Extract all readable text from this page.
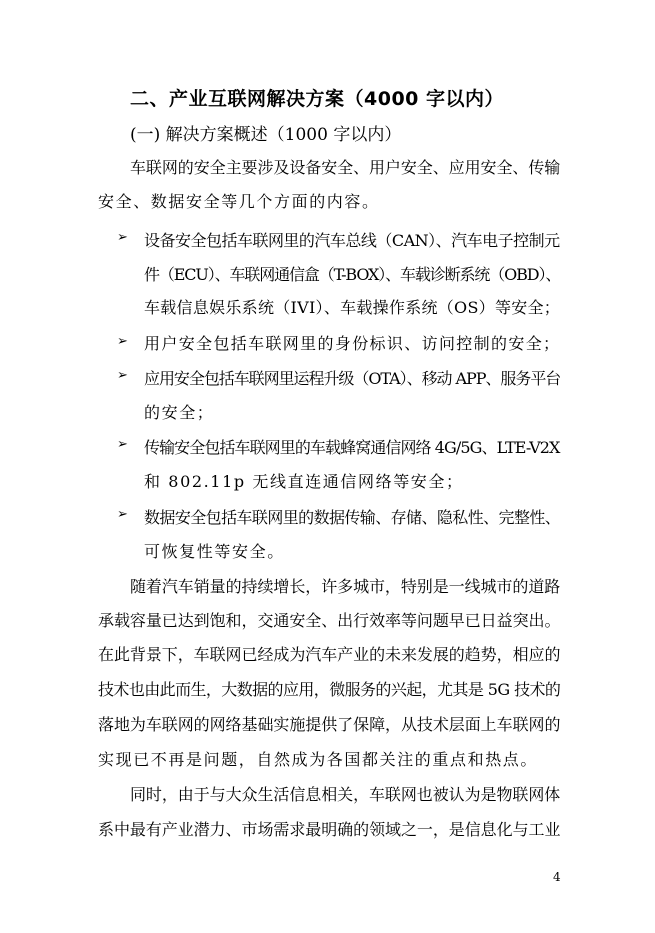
二、产业互联网解决方案（4000 字以内）
(一) 解决方案概述（1000 字以内）
车联网的安全主要涉及设备安全、用户安全、应用安全、传输
安全、数据安全等几个方面的内容。
➢ 设备安全包括车联网里的汽车总线（CAN）、汽车电子控制元
件（ECU）、车联网通信盒（T-BOX）、车载诊断系统（OBD）、
车载信息娱乐系统（IVI）、车载操作系统（OS）等安全；
➢ 用户安全包括车联网里的身份标识、访问控制的安全；
➢ 应用安全包括车联网里运程升级（OTA）、移动 APP、服务平台
的安全；
➢ 传输安全包括车联网里的车载蜂窝通信网络 4G/5G、LTE-V2X
和 802.11p 无线直连通信网络等安全；
➢ 数据安全包括车联网里的数据传输、存储、隐私性、完整性、
可恢复性等安全。
随着汽车销量的持续增长，许多城市，特别是一线城市的道路
承载容量已达到饱和，交通安全、出行效率等问题早已日益突出。
在此背景下，车联网已经成为汽车产业的未来发展的趋势，相应的
技术也由此而生，大数据的应用，微服务的兴起，尤其是 5G 技术的
落地为车联网的网络基础实施提供了保障，从技术层面上车联网的
实现已不再是问题，自然成为各国都关注的重点和热点。
同时，由于与大众生活信息相关，车联网也被认为是物联网体
系中最有产业潜力、市场需求最明确的领域之一，是信息化与工业
4
